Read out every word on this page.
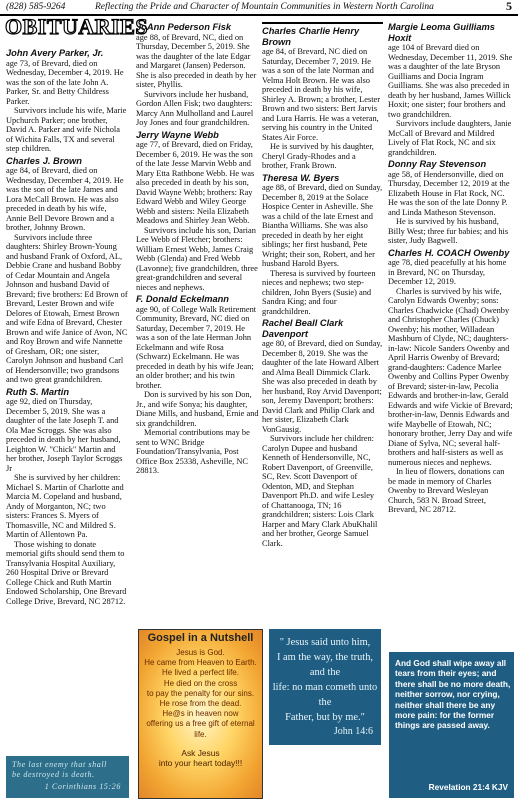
(828) 585-9264	Reflecting the Pride and Character of Mountain Communities in Western North Carolina	5
OBITUARIES
John Avery Parker, Jr.

age 73, of Brevard, died on Wednesday, December 4, 2019. He was the son of the late John A. Parker, Sr. and Betty Childress Parker.

Survivors include his wife, Marie Upchurch Parker; one brother, David A. Parker and wife Nichola of Wichita Falls, TX and several step children.

Charles J. Brown

age 84, of Brevard, died on Wednesday, December 4, 2019. He was the son of the late James and Lora McCall Brown. He was also preceded in death by his wife, Annie Bell Devore Brown and a brother, Johnny Brown.

Survivors include three daughters: Shirley Brown-Young and husband Frank of Oxford, AL, Debbie Crane and husband Bobby of Cedar Mountain and Angela Johnson and husband David of Brevard; five brothers: Ed Brown of Brevard, Lester Brown and wife Delores of Etowah, Ernest Brown and wife Edna of Brevard, Chester Brown and wife Janice of Avon, NC and Roy Brown and wife Nannette of Gresham, OR; one sister, Carolyn Johnson and husband Carl of Hendersonville; two grandsons and two great grandchildren.

Ruth S. Martin

age 92, died on Thursday, December 5, 2019. She was a daughter of the late Joseph T. and Ola Mae Scroggs. She was also preceded in death by her husband, Leighton W. "Chick" Martin and her brother, Joseph Taylor Scroggs Jr

She is survived by her children: Michael S. Martin of Charlotte and Marcia M. Copeland and husband, Andy of Morganton, NC; two sisters: Frances S. Myers of Thomasville, NC and Mildred S. Martin of Allentown Pa.

Those wishing to donate memorial gifts should send them to Transylvania Hospital Auxiliary, 260 Hospital Drive or Brevard College Chick and Ruth Martin Endowed Scholarship, One Brevard College Drive, Brevard, NC 28712.

JoAnn Pederson Fisk

age 88, of Brevard, NC, died on Thursday, December 5, 2019. She was the daughter of the late Edgar and Margaret (Jansen) Pederson. She is also preceded in death by her sister, Phyllis.

Survivors include her husband, Gordon Allen Fisk; two daughters: Marcy Ann Mulholland and Laurel Joy Jones and four grandchildren.

Jerry Wayne Webb

age 77, of Brevard, died on Friday, December 6, 2019. He was the son of the late Jesse Marvin Webb and Mary Etta Rathbone Webb. He was also preceded in death by his son, David Wayne Webb; brothers: Ray Edward Webb and Wiley George Webb and sisters: Neila Elizabeth Meadows and Shirley Jean Webb.

Survivors include his son, Darian Lee Webb of Fletcher; brothers: William Ernest Webb, James Craig Webb (Glenda) and Fred Webb (Lavonne); five grandchildren, three great-grandchildren and several nieces and nephews.

F. Donald Eckelmann

age 90, of College Walk Retirement Community, Brevard, NC died on Saturday, December 7, 2019. He was a son of the late Herman John Eckelmann and wife Rosa (Schwarz) Eckelmann. He was preceded in death by his wife Jean; an older brother; and his twin brother.

Don is survived by his son Don, Jr., and wife Sonya; his daughter, Diane Mills, and husband, Ernie and six grandchildren.

Memorial contributions may be sent to WNC Bridge Foundation/Transylvania, Post Office Box 25338, Asheville, NC 28813.

Charles Charlie Henry Brown

age 84, of Brevard, NC died on Saturday, December 7, 2019. He was a son of the late Norman and Velma Holt Brown. He was also preceded in death by his wife, Shirley A. Brown; a brother, Lester Brown and two sisters: Bert Jarvis and Lura Harris. He was a veteran, serving his country in the United States Air Force.

He is survived by his daughter, Cheryl Grady-Rhodes and a brother, Frank Brown.

Theresa W. Byers

age 88, of Brevard, died on Sunday, December 8, 2019 at the Solace Hospice Center in Asheville. She was a child of the late Ernest and Biantha Williams. She was also preceded in death by her eight siblings; her first husband, Pete Wright; their son, Robert, and her husband Harold Byers.

Theresa is survived by fourteen nieces and nephews; two step-children, John Byers (Susie) and Sandra King; and four grandchildren.

Rachel Beall Clark Davenport

age 80, of Brevard, died on Sunday, December 8, 2019. She was the daughter of the late Howard Albert and Alma Beall Dimmick Clark. She was also preceded in death by her husband, Roy Arvid Davenport; son, Jeremy Davenport; brothers: David Clark and Philip Clark and her sister, Elizabeth Clark VonGausig.

Survivors include her children: Carolyn Dupee and husband Kenneth of Hendersonville, NC, Robert Davenport, of Greenville, SC, Rev. Scott Davenport of Odenton, MD, and Stephan Davenport Ph.D. and wife Lesley of Chattanooga, TN; 16 grandchildren; sisters: Lois Clark Harper and Mary Clark AbuKhalil and her brother, George Samuel Clark.

Margie Leoma Guilliams Hoxit

age 104 of Brevard died on Wednesday, December 11, 2019. She was a daughter of the late Bryson Guilliams and Docia Ingram Guilliams. She was also preceded in death by her husband, James Willick Hoxit; one sister; four brothers and two grandchildren.

Survivors include daughters, Janie McCall of Brevard and Mildred Lively of Flat Rock, NC and six grandchildren.

Donny Ray Stevenson

age 58, of Hendersonville, died on Thursday, December 12, 2019 at the Elizabeth House in Flat Rock, NC. He was the son of the late Donny P. and Linda Matheson Stevenson.

He is survived by his husband, Billy West; three fur babies; and his sister, Judy Bagwell.

Charles H. COACH Owenby

age 78, died peacefully at his home in Brevard, NC on Thursday, December 12, 2019.

Charles is survived by his wife, Carolyn Edwards Owenby; sons: Charles Chadwicke (Chad) Owenby and Christopher Charles (Chuck) Owenby; his mother, Willadean Mashburn of Clyde, NC; daughters-in-law: Nicole Sanders Owenby and April Harris Owenby of Brevard; grand-daughters: Cadence Marlee Owenby and Collins Pyper Owenby of Brevard; sister-in-law, Pecolia Edwards and brother-in-law, Gerald Edwards and wife Vickie of Brevard; brother-in-law, Dennis Edwards and wife Maybelle of Etowah, NC; honorary brother, Jerry Day and wife Diane of Sylva, NC; several half-brothers and half-sisters as well as numerous nieces and nephews.

In lieu of flowers, donations can be made in memory of Charles Owenby to Brevard Wesleyan Church, 583 N. Broad Street, Brevard, NC 28712.

The last enemy that shall
be destroyed is death.
1 Corinthians 15:26
Gospel in a Nutshell
Jesus is God.
He came from Heaven to Earth.
He lived a perfect life.
He died on the cross
to pay the penalty for our sins.
He rose from the dead.
He@s in heaven now
offering us a free gift of eternal
life.
Ask Jesus
into your heart today!!!
" Jesus said unto him,
I am the way, the truth, and the
life: no man cometh unto the
Father, but by me."
John 14:6
And God shall wipe away all tears from their eyes; and there shall be no more death, neither sorrow, nor crying, neither shall there be any more pain: for the former things are passed away.
Revelation 21:4 KJV
